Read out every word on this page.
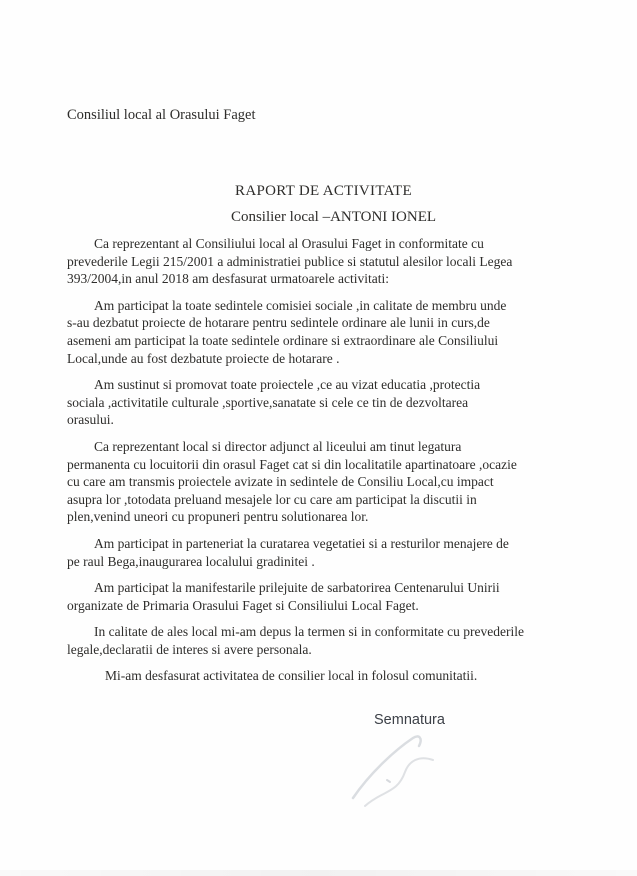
Consiliul local al Orasului Faget
RAPORT DE ACTIVITATE
Consilier local –ANTONI IONEL
Ca reprezentant al Consiliului local al Orasului Faget in conformitate cu
prevederile Legii 215/2001 a administratiei publice si statutul alesilor locali Legea
393/2004,in anul 2018 am desfasurat urmatoarele activitati:
Am participat la toate sedintele comisiei sociale ,in calitate de membru unde
s-au dezbatut proiecte de hotarare pentru sedintele ordinare ale lunii in curs,de
asemeni am participat la toate sedintele ordinare si extraordinare ale Consiliului
Local,unde au fost dezbatute proiecte de hotarare .
Am sustinut si promovat toate proiectele ,ce au vizat educatia ,protectia
sociala ,activitatile culturale ,sportive,sanatate si cele ce tin de dezvoltarea
orasului.
Ca reprezentant local si director adjunct al liceului am tinut legatura
permanenta cu locuitorii din orasul Faget cat si din localitatile apartinatoare ,ocazie
cu care am transmis proiectele avizate in sedintele de Consiliu Local,cu impact
asupra lor ,totodata preluand mesajele lor cu care am participat la discutii in
plen,venind uneori cu propuneri pentru solutionarea lor.
Am participat in parteneriat la curatarea vegetatiei si a resturilor menajere de
pe raul Bega,inaugurarea localului gradinitei .
Am participat la manifestarile prilejuite de sarbatorirea Centenarului Unirii
organizate de Primaria Orasului Faget si Consiliului Local Faget.
In calitate de ales local mi-am depus la termen si in conformitate cu prevederile
legale,declaratii de interes si avere personala.
Mi-am desfasurat activitatea de consilier local in folosul comunitatii.
Semnatura
